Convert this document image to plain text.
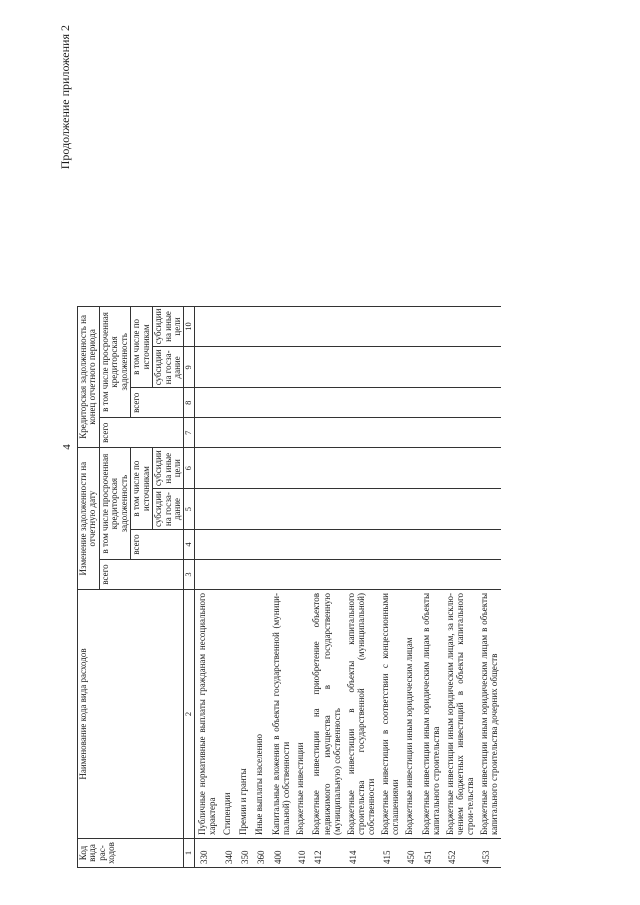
4
Продолжение приложения 2
Код вида рас-ходов	Наименование кода вида расходов	Изменение задолженности на отчетную дату				Кредиторская задолженность на конец отчетного периода			
		всего	в том числе просроченная кредиторская задолженность			всего	в том числе просроченная кредиторская задолженность		
			всего	в том числе по источникам			всего	в том числе по источникам	
				субсидии на госза-дание	субсидии на иные цели			субсидии на госза-дание	субсидии на иные цели

1	2	3	4	5	6	7	8	9	10
330	Публичные нормативные выплаты гражданам несоциального характера								
340	Стипендии								
350	Премии и гранты								
360	Иные выплаты населению								
400	Капитальные вложения в объекты государственной (муници-пальной) собственности								
410	Бюджетные инвестиции								
412	Бюджетные инвестиции на приобретение объектов недвижимого имущества в государственную (муниципальную) собственность								
414	Бюджетные инвестиции в объекты капитального строительства государственной (муниципальной) собственности								
415	Бюджетные инвестиции в соответствии с концессионными соглашениями								
450	Бюджетные инвестиции иным юридическим лицам								
451	Бюджетные инвестиции иным юридическим лицам в объекты капитального строительства								
452	Бюджетные инвестиции иным юридическим лицам, за исклю-чением бюджетных инвестиций в объекты капитального строи-тельства								
453	Бюджетные инвестиции иным юридическим лицам в объекты капитального строительства дочерних обществ								
